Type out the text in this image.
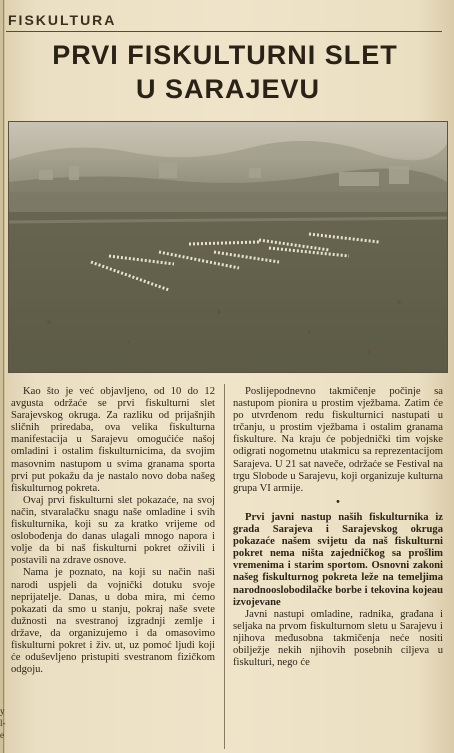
y
l-
e
FISKULTURA
PRVI FISKULTURNI SLET
U SARAJEVU

Kao što je već objavljeno, od 10 do 12 avgusta održaće se prvi fiskulturni slet Sarajevskog okruga. Za razliku od prijašnjih sličnih priredaba, ova velika fiskulturna manifestacija u Sarajevu omogućiće našoj omladini i ostalim fiskulturnicima, da svojim masovnim nastupom u svima granama sporta prvi put pokažu da je nastalo novo doba našeg fiskulturnog pokreta.

Ovaj prvi fiskulturni slet pokazaće, na svoj način, stvaralačku snagu naše omladine i svih fiskulturnika, koji su za kratko vrijeme od oslobođenja do danas ulagali mnogo napora i volje da bi naš fiskulturni pokret oživili i postavili na zdrave osnove.

Nama je poznato, na koji su način naši narodi uspjeli da vojnički dotuku svoje neprijatelje. Danas, u doba mira, mi ćemo pokazati da smo u stanju, pokraj naše svete dužnosti na svestranoj izgradnji zemlje i države, da organizujemo i da omasovimo fiskulturni pokret i živ. ut, uz pomoć ljudi koji će oduševljeno pristupiti svestranom fizičkom odgoju.

Poslijepodnevno takmičenje počinje sa nastupom pionira u prostim vježbama. Zatim će po utvrđenom redu fiskulturnici nastupati u trčanju, u prostim vježbama i ostalim granama fiskulture. Na kraju će pobjednički tim vojske odigrati nogometnu utakmicu sa reprezentacijom Sarajeva. U 21 sat naveče, održaće se Festival na trgu Slobode u Sarajevu, koji organizuje kulturna grupa VI armije.

•

Prvi javni nastup naših fiskulturnika iz grada Sarajeva i Sarajevskog okruga pokazaće našem svijetu da naš fiskulturni pokret nema ništa zajedničkog sa prošlim vremenima i starim sportom. Osnovni zakoni našeg fiskulturnog pokreta leže na temeljima narodnooslobodilačke borbe i tekovina kojeau izvojevane

Javni nastupi omladine, radnika, građana i seljaka na prvom fiskulturnom sletu u Sarajevu i njihova međusobna takmičenja neće nositi obilježje nekih njihovih posebnih ciljeva u fiskulturi, nego će
